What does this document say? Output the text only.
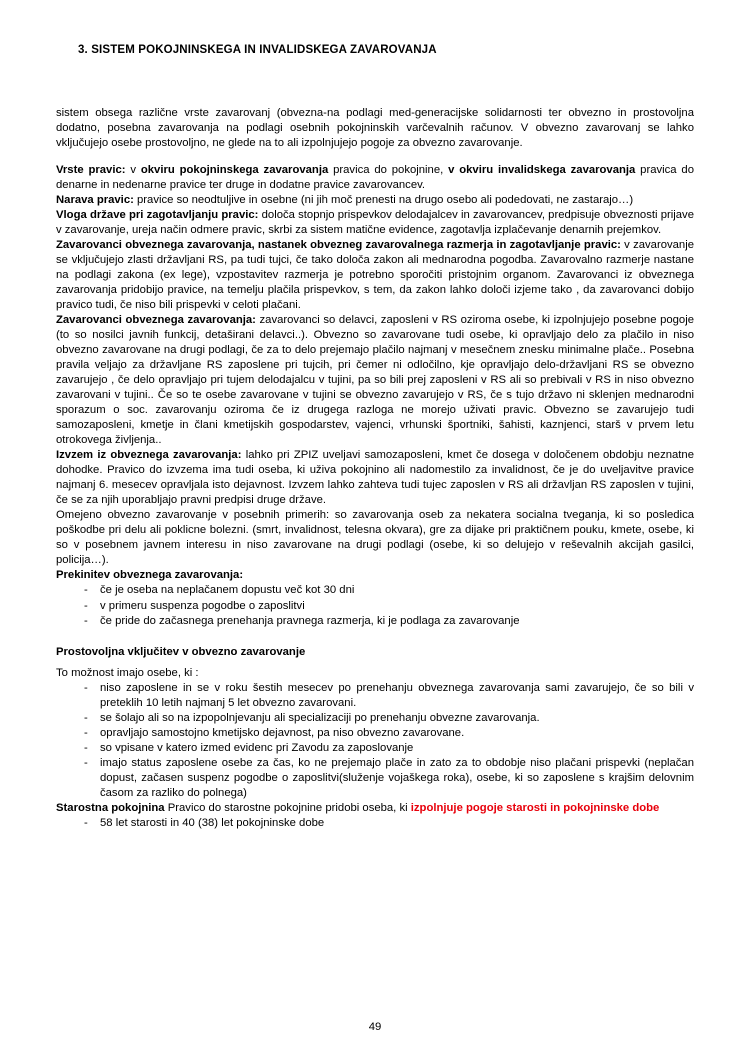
3. SISTEM POKOJNINSKEGA IN INVALIDSKEGA ZAVAROVANJA

sistem obsega različne vrste zavarovanj (obvezna-na podlagi med-generacijske solidarnosti ter obvezno in prostovoljna dodatno, posebna zavarovanja na podlagi osebnih pokojninskih varčevalnih računov. V obvezno zavarovanj se lahko vključujejo osebe prostovoljno, ne glede na to ali izpolnjujejo pogoje za obvezno zavarovanje.

Vrste pravic: v okviru pokojninskega zavarovanja pravica do pokojnine, v okviru invalidskega zavarovanja pravica do denarne in nedenarne pravice ter druge in dodatne pravice zavarovancev.

Narava pravic: pravice so neodtuljive in osebne (ni jih moč prenesti na drugo osebo ali podedovati, ne zastarajo…)

Vloga države pri zagotavljanju pravic: določa stopnjo prispevkov delodajalcev in zavarovancev, predpisuje obveznosti prijave v zavarovanje, ureja način odmere pravic, skrbi za sistem matične evidence, zagotavlja izplačevanje denarnih prejemkov.

Zavarovanci obveznega zavarovanja, nastanek obvezneg zavarovalnega razmerja in zagotavljanje pravic: v zavarovanje se vključujejo zlasti državljani RS, pa tudi tujci, če tako določa zakon ali mednarodna pogodba. Zavarovalno razmerje nastane na podlagi zakona (ex lege), vzpostavitev razmerja je potrebno sporočiti pristojnim organom. Zavarovanci iz obveznega zavarovanja pridobijo pravice, na temelju plačila prispevkov, s tem, da zakon lahko določi izjeme tako , da zavarovanci dobijo pravico tudi, če niso bili prispevki v celoti plačani.

Zavarovanci obveznega zavarovanja: zavarovanci so delavci, zaposleni v RS oziroma osebe, ki izpolnjujejo posebne pogoje (to so nosilci javnih funkcij, detaširani delavci..). Obvezno so zavarovane tudi osebe, ki opravljajo delo za plačilo in niso obvezno zavarovane na drugi podlagi, če za to delo prejemajo plačilo najmanj v mesečnem znesku minimalne plače.. Posebna pravila veljajo za državljane RS zaposlene pri tujcih, pri čemer ni odločilno, kje opravljajo delo-državljani RS se obvezno zavarujejo , če delo opravljajo pri tujem delodajalcu v tujini, pa so bili prej zaposleni v RS ali so prebivali v RS in niso obvezno zavarovani v tujini.. Če so te osebe zavarovane v tujini se obvezno zavarujejo v RS, če s tujo državo ni sklenjen mednarodni sporazum o soc. zavarovanju oziroma če iz drugega razloga ne morejo uživati pravic. Obvezno se zavarujejo tudi samozaposleni, kmetje in člani kmetijskih gospodarstev, vajenci, vrhunski športniki, šahisti, kaznjenci, starš v prvem letu otrokovega življenja..

Izvzem iz obveznega zavarovanja: lahko pri ZPIZ uveljavi samozaposleni, kmet če dosega v določenem obdobju neznatne dohodke. Pravico do izvzema ima tudi oseba, ki uživa pokojnino ali nadomestilo za invalidnost, če je do uveljavitve pravice najmanj 6. mesecev opravljala isto dejavnost. Izvzem lahko zahteva tudi tujec zaposlen v RS ali državljan RS zaposlen v tujini, če se za njih uporabljajo pravni predpisi druge države.

Omejeno obvezno zavarovanje v posebnih primerih: so zavarovanja oseb za nekatera socialna tveganja, ki so posledica poškodbe pri delu ali poklicne bolezni. (smrt, invalidnost, telesna okvara), gre za dijake pri praktičnem pouku, kmete, osebe, ki so v posebnem javnem interesu in niso zavarovane na drugi podlagi (osebe, ki so delujejo v reševalnih akcijah gasilci, policija…).

Prekinitev obveznega zavarovanja:

- če je oseba na neplačanem dopustu več kot 30 dni
- v primeru suspenza pogodbe o zaposlitvi
- če pride do začasnega prenehanja pravnega razmerja, ki je podlaga za zavarovanje

Prostovoljna vključitev v obvezno zavarovanje

To možnost imajo osebe, ki :

- niso zaposlene in se v roku šestih mesecev po prenehanju obveznega zavarovanja sami zavarujejo, če so bili v preteklih 10 letih najmanj 5 let obvezno zavarovani.
- se šolajo ali so na izpopolnjevanju ali specializaciji po prenehanju obvezne zavarovanja.
- opravljajo samostojno kmetijsko dejavnost, pa niso obvezno zavarovane.
- so vpisane v katero izmed evidenc pri Zavodu za zaposlovanje
- imajo status zaposlene osebe za čas, ko ne prejemajo plače in zato za to obdobje niso plačani prispevki (neplačan dopust, začasen suspenz pogodbe o zaposlitvi(služenje vojaškega roka), osebe, ki so zaposlene s krajšim delovnim časom za razliko do polnega)

Starostna pokojnina Pravico do starostne pokojnine pridobi oseba, ki izpolnjuje pogoje starosti in pokojninske dobe

- 58 let starosti in 40 (38) let pokojninske dobe
49
